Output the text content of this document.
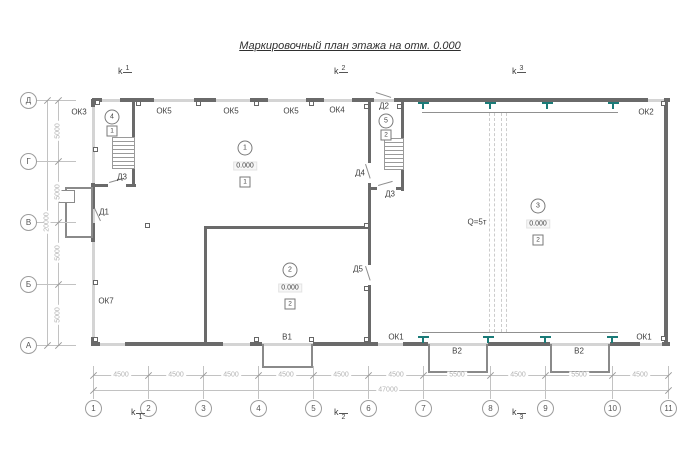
Маркировочный план этажа на отм. 0.000
Д
Г
В
Б
А
1	2	3	4	5	6	7	8	9	10	11
4500	4500	4500	4500	4500	4500	5500	4500	5500	4500
47000
5000
5000
5000
5000
20000
k $^1$	k $^2$	k $^3$
$k_1$
$k_2$
$k_3$
1
0.000
1
2
0.000
2
3
0.000
2
4
1
5
2
ОК3	ОК5	ОК5	ОК5	ОК4	Д2
ОК2
Д3
Д1
Д4
Д3
Д5
ОК7
В1	ОК1
В2	В2
ОК1
Q=5т
